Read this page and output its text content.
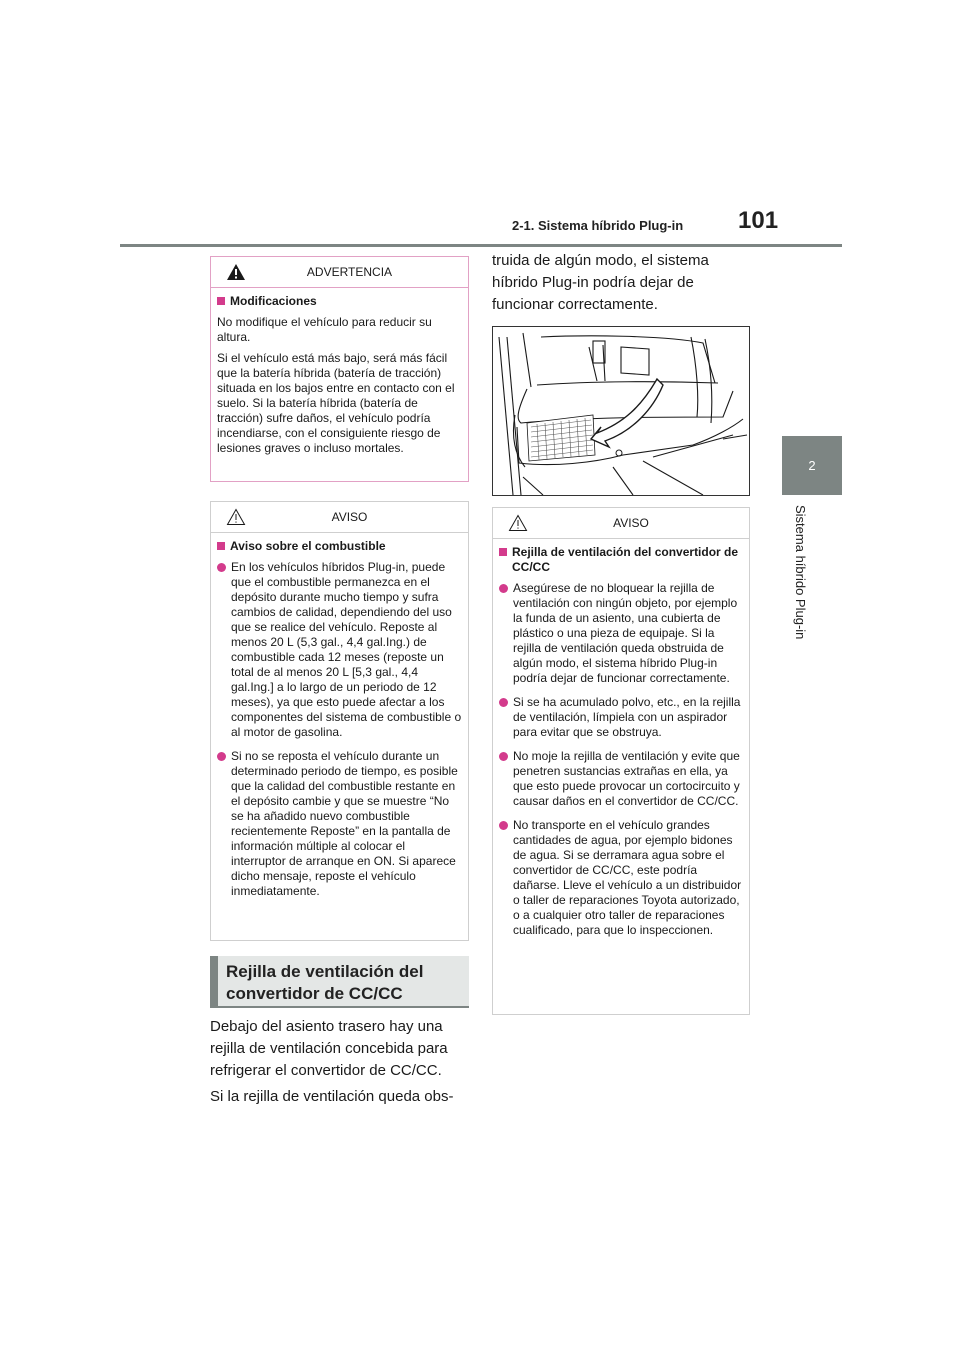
2-1. Sistema híbrido Plug-in 101
2
Sistema híbrido Plug-in
ADVERTENCIA
Modificaciones

No modifique el vehículo para reducir su altura.

Si el vehículo está más bajo, será más fácil que la batería híbrida (batería de tracción) situada en los bajos entre en contacto con el suelo. Si la batería híbrida (batería de tracción) sufre daños, el vehículo podría incendiarse, con el consiguiente riesgo de lesiones graves o incluso mortales.

AVISO
Aviso sobre el combustible
En los vehículos híbridos Plug-in, puede que el combustible permanezca en el depósito durante mucho tiempo y sufra cambios de calidad, dependiendo del uso que se realice del vehículo. Reposte al menos 20 L (5,3 gal., 4,4 gal.Ing.) de combustible cada 12 meses (reposte un total de al menos 20 L [5,3 gal., 4,4 gal.Ing.] a lo largo de un periodo de 12 meses), ya que esto puede afectar a los componentes del sistema de combustible o al motor de gasolina.
Si no se reposta el vehículo durante un determinado periodo de tiempo, es posible que la calidad del combustible restante en el depósito cambie y que se muestre “No se ha añadido nuevo combustible recientemente Reposte” en la pantalla de información múltiple al colocar el interruptor de arranque en ON. Si aparece dicho mensaje, reposte el vehículo inmediatamente.
Rejilla de ventilación del convertidor de CC/CC

Debajo del asiento trasero hay una rejilla de ventilación concebida para refrigerar el convertidor de CC/CC.

Si la rejilla de ventilación queda obs-

truida de algún modo, el sistema híbrido Plug-in podría dejar de funcionar correctamente.

AVISO
Rejilla de ventilación del convertidor de CC/CC
Asegúrese de no bloquear la rejilla de ventilación con ningún objeto, por ejemplo la funda de un asiento, una cubierta de plástico o una pieza de equipaje. Si la rejilla de ventilación queda obstruida de algún modo, el sistema híbrido Plug-in podría dejar de funcionar correctamente.
Si se ha acumulado polvo, etc., en la rejilla de ventilación, límpiela con un aspirador para evitar que se obstruya.
No moje la rejilla de ventilación y evite que penetren sustancias extrañas en ella, ya que esto puede provocar un cortocircuito y causar daños en el convertidor de CC/CC.
No transporte en el vehículo grandes cantidades de agua, por ejemplo bidones de agua. Si se derramara agua sobre el convertidor de CC/CC, este podría dañarse. Lleve el vehículo a un distribuidor o taller de reparaciones Toyota autorizado, o a cualquier otro taller de reparaciones cualificado, para que lo inspeccionen.
